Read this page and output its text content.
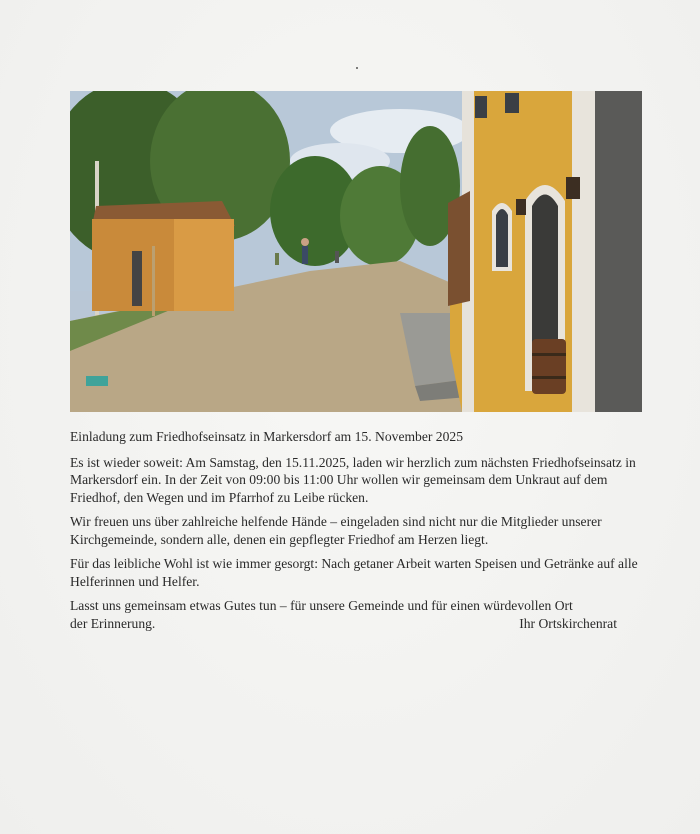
Einladung zum Friedhofseinsatz in Markersdorf am 15. November 2025

Es ist wieder soweit: Am Samstag, den 15.11.2025, laden wir herzlich zum nächsten Friedhofseinsatz in Markersdorf ein. In der Zeit von 09:00 bis 11:00 Uhr wollen wir gemeinsam dem Unkraut auf dem Friedhof, den Wegen und im Pfarrhof zu Leibe rücken.

Wir freuen uns über zahlreiche helfende Hände – eingeladen sind nicht nur die Mitglieder unserer Kirchgemeinde, sondern alle, denen ein gepflegter Friedhof am Herzen liegt.

Für das leibliche Wohl ist wie immer gesorgt: Nach getaner Arbeit warten Speisen und Getränke auf alle Helferinnen und Helfer.

Lasst uns gemeinsam etwas Gutes tun – für unsere Gemeinde und für einen würdevollen Ort

der Erinnerung.	Ihr Ortskirchenrat
